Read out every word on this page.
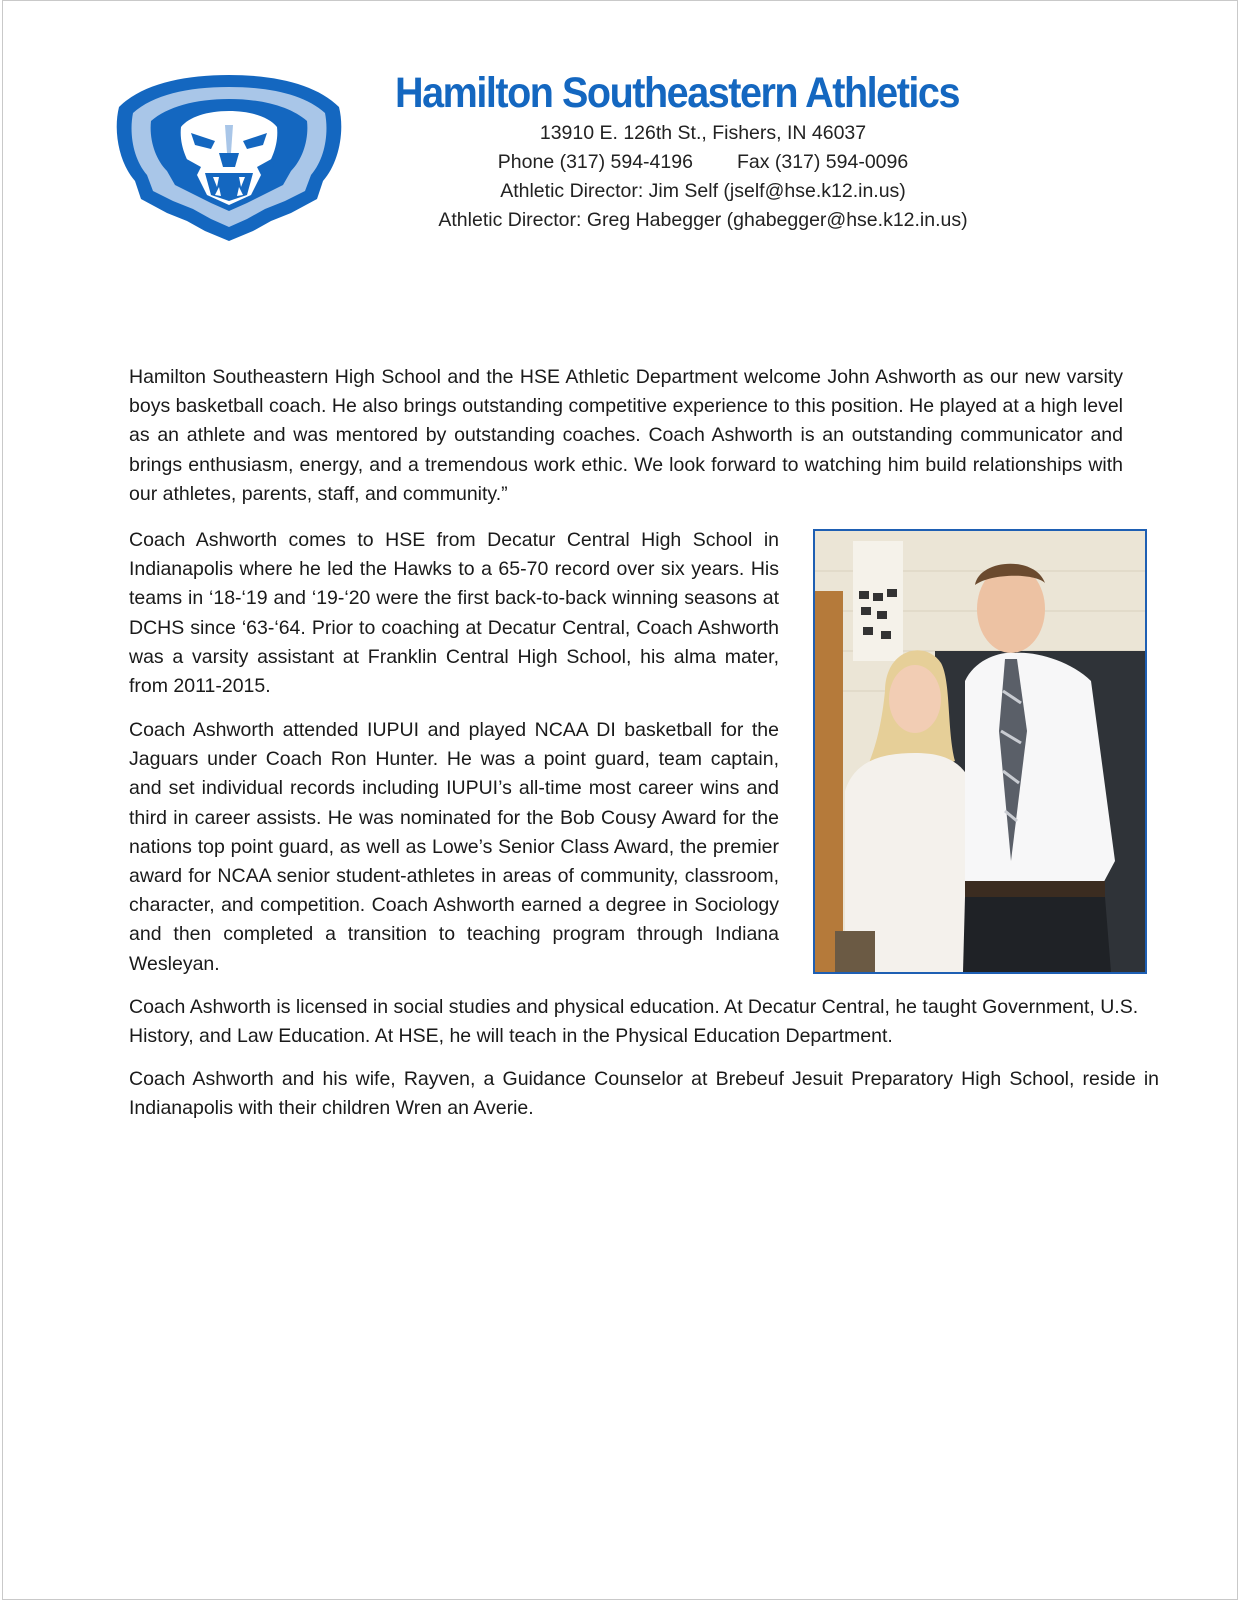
Hamilton Southeastern Athletics
13910 E. 126th St., Fishers, IN 46037
Phone (317) 594-4196 Fax (317) 594-0096
Athletic Director: Jim Self (jself@hse.k12.in.us)
Athletic Director: Greg Habegger (ghabegger@hse.k12.in.us)
Hamilton Southeastern High School and the HSE Athletic Department welcome John Ashworth as our new varsity boys basketball coach. He also brings outstanding competitive experience to this position. He played at a high level as an athlete and was mentored by outstanding coaches. Coach Ashworth is an outstanding communicator and brings enthusiasm, energy, and a tremendous work ethic. We look forward to watching him build relationships with our athletes, parents, staff, and community.”
Coach Ashworth comes to HSE from Decatur Central High School in Indianapolis where he led the Hawks to a 65-70 record over six years. His teams in ‘18-‘19 and ‘19-‘20 were the first back-to-back winning seasons at DCHS since ‘63-‘64. Prior to coaching at Decatur Central, Coach Ashworth was a varsity assistant at Franklin Central High School, his alma mater, from 2011-2015.
Coach Ashworth attended IUPUI and played NCAA DI basketball for the Jaguars under Coach Ron Hunter. He was a point guard, team captain, and set individual records including IUPUI’s all-time most career wins and third in career assists. He was nominated for the Bob Cousy Award for the nations top point guard, as well as Lowe’s Senior Class Award, the premier award for NCAA senior student-athletes in areas of community, classroom, character, and competition. Coach Ashworth earned a degree in Sociology and then completed a transition to teaching program through Indiana Wesleyan.
Coach Ashworth is licensed in social studies and physical education. At Decatur Central, he taught Government, U.S. History, and Law Education. At HSE, he will teach in the Physical Education Department.
Coach Ashworth and his wife, Rayven, a Guidance Counselor at Brebeuf Jesuit Preparatory High School, reside in Indianapolis with their children Wren an Averie.
